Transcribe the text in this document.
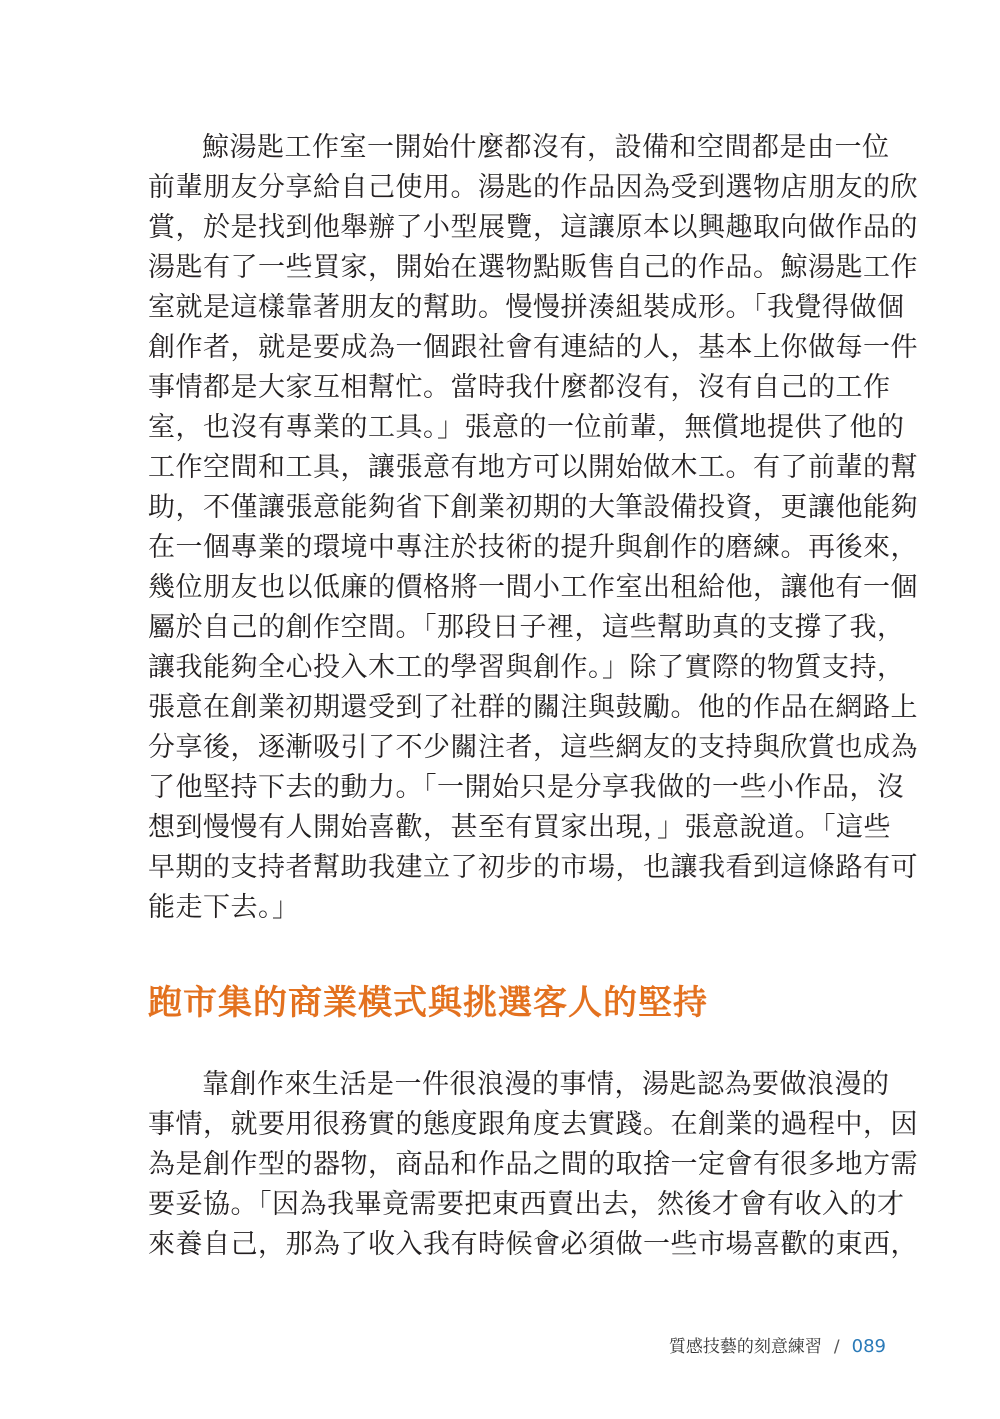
鯨湯匙工作室一開始什麼都沒有，設備和空間都是由一位
前輩朋友分享給自己使用。湯匙的作品因為受到選物店朋友的欣
賞，於是找到他舉辦了小型展覽，這讓原本以興趣取向做作品的
湯匙有了一些買家，開始在選物點販售自己的作品。鯨湯匙工作
室就是這樣靠著朋友的幫助。慢慢拼湊組裝成形。「我覺得做個
創作者，就是要成為一個跟社會有連結的人，基本上你做每一件
事情都是大家互相幫忙。當時我什麼都沒有，沒有自己的工作
室，也沒有專業的工具。」張意的一位前輩，無償地提供了他的
工作空間和工具，讓張意有地方可以開始做木工。有了前輩的幫
助，不僅讓張意能夠省下創業初期的大筆設備投資，更讓他能夠
在一個專業的環境中專注於技術的提升與創作的磨練。再後來，
幾位朋友也以低廉的價格將一間小工作室出租給他，讓他有一個
屬於自己的創作空間。「那段日子裡，這些幫助真的支撐了我，
讓我能夠全心投入木工的學習與創作。」除了實際的物質支持，
張意在創業初期還受到了社群的關注與鼓勵。他的作品在網路上
分享後，逐漸吸引了不少關注者，這些網友的支持與欣賞也成為
了他堅持下去的動力。「一開始只是分享我做的一些小作品，沒
想到慢慢有人開始喜歡，甚至有買家出現，」張意說道。「這些
早期的支持者幫助我建立了初步的市場，也讓我看到這條路有可
能走下去。」
跑市集的商業模式與挑選客人的堅持
靠創作來生活是一件很浪漫的事情，湯匙認為要做浪漫的
事情，就要用很務實的態度跟角度去實踐。在創業的過程中，因
為是創作型的器物，商品和作品之間的取捨一定會有很多地方需
要妥協。「因為我畢竟需要把東西賣出去，然後才會有收入的才
來養自己，那為了收入我有時候會必須做一些市場喜歡的東西，
質感技藝的刻意練習 / 089
